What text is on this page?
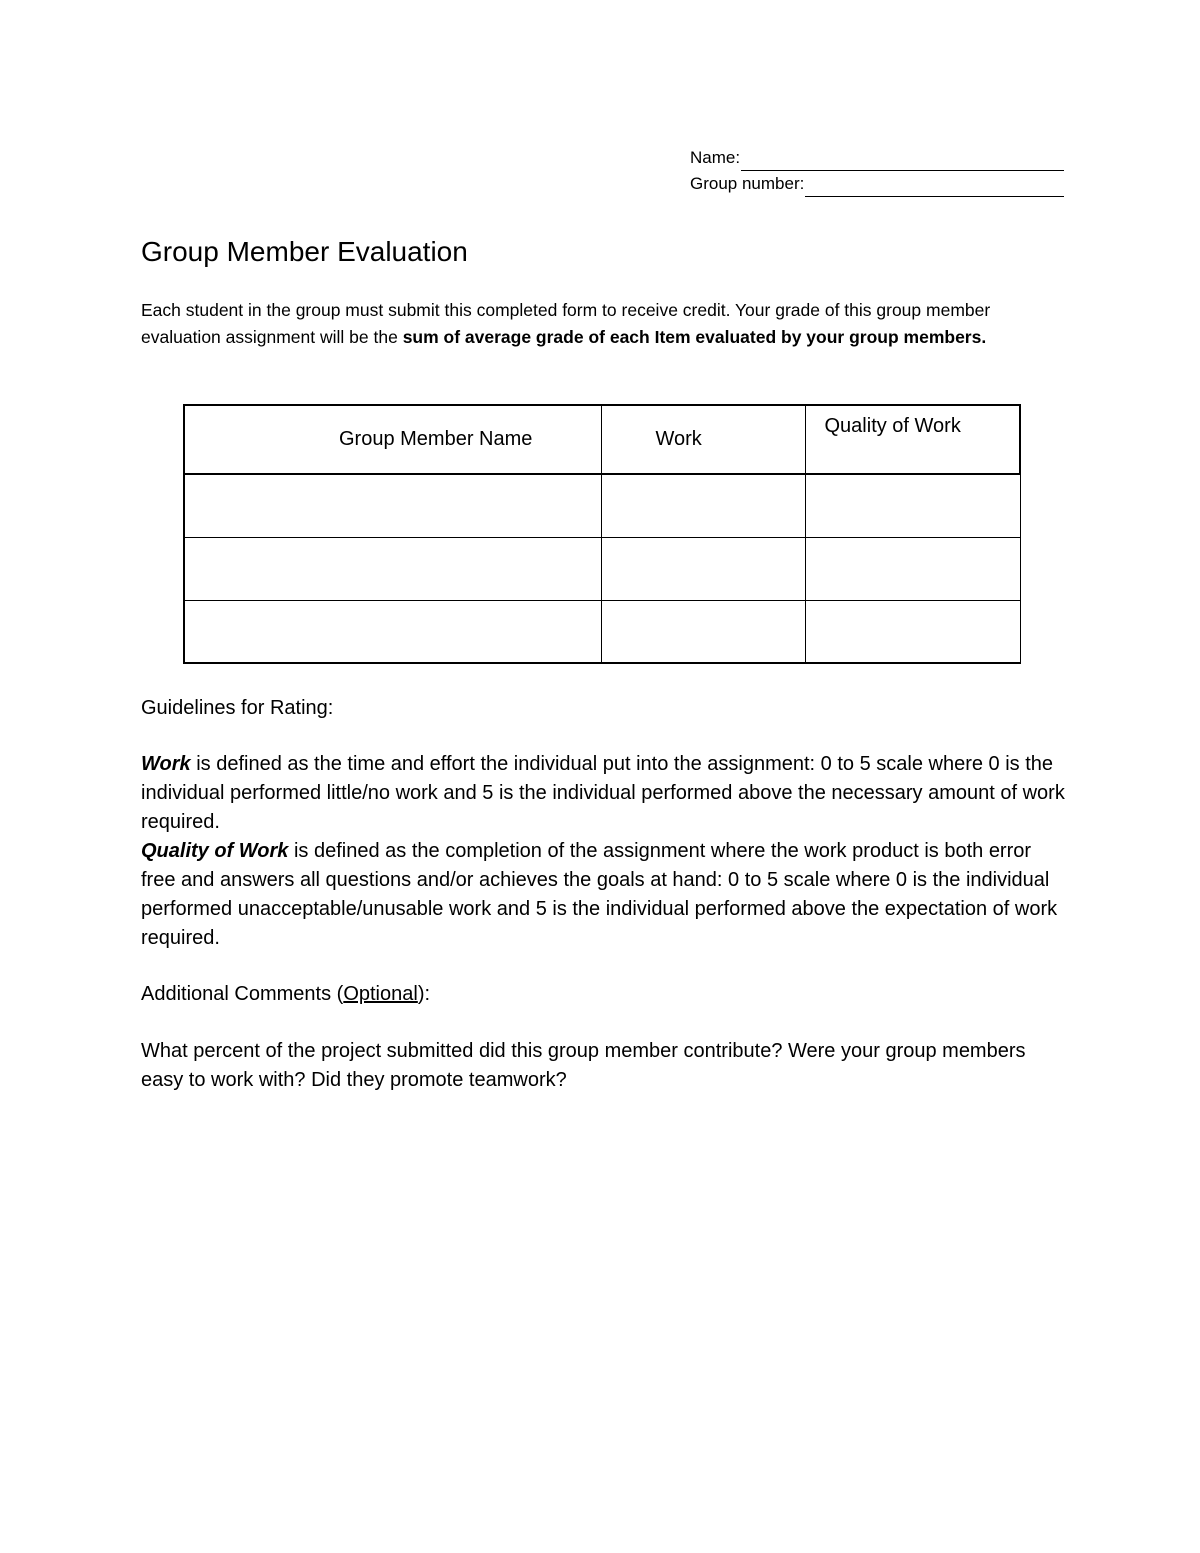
Name:
Group number:
Group Member Evaluation

Each student in the group must submit this completed form to receive credit. Your grade of this group member evaluation assignment will be the sum of average grade of each Item evaluated by your group members.

Group Member Name	Work	Quality of Work

Guidelines for Rating:

Work is defined as the time and effort the individual put into the assignment: 0 to 5 scale where 0 is the individual performed little/no work and 5 is the individual performed above the necessary amount of work required.

Quality of Work is defined as the completion of the assignment where the work product is both error free and answers all questions and/or achieves the goals at hand: 0 to 5 scale where 0 is the individual performed unacceptable/unusable work and 5 is the individual performed above the expectation of work required.

Additional Comments (Optional):

What percent of the project submitted did this group member contribute? Were your group members easy to work with? Did they promote teamwork?
